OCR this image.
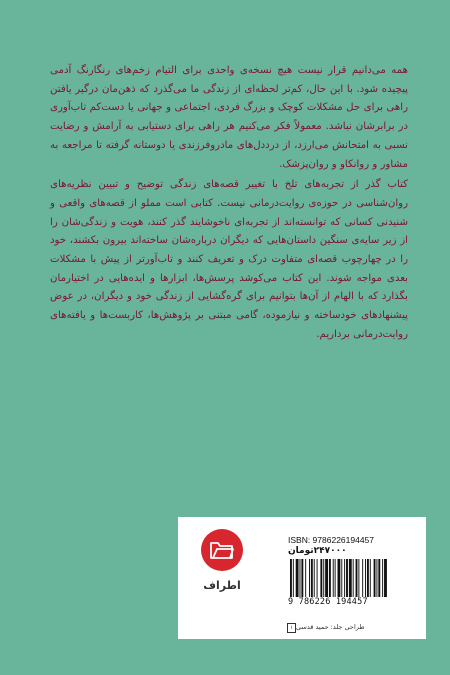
همه می‌دانیم قرار نیست هیچ نسخه‌ی واحدی برای التیام زخم‌های رنگارنگ آدمی پیچیده شود. با این حال، کم‌تر لحظه‌ای از زندگی ما می‌گذرد که ذهن‌مان درگیر یافتن راهی برای حل مشکلات کوچک و بزرگ فردی، اجتماعی و جهانی یا دست‌کم تاب‌آوری در برابرشان نباشد. معمولاً فکر می‌کنیم هر راهی برای دستیابی به آرامش و رضایت نسبی به امتحانش می‌ارزد، از درددل‌های مادرو‌فرزندی یا دوستانه گرفته تا مراجعه به مشاور و روانکاو و روان‌پزشک.

کتاب گذر از تجربه‌های تلخ با تغییر قصه‌های زندگی توضیح و تبیین نظریه‌های روان‌شناسی در حوزه‌ی روایت‌درمانی نیست. کتابی است مملو از قصه‌های واقعی و شنیدنی کسانی که توانسته‌اند از تجربه‌ای ناخوشایند گذر کنند، هویت و زندگی‌شان را از زیر سایه‌ی سنگین داستان‌هایی که دیگران درباره‌شان ساخته‌اند بیرون بکشند، خود را در چهارچوب قصه‌ای متفاوت درک و تعریف کنند و تاب‌آورتر از پیش با مشکلات بعدی مواجه شوند. این کتاب می‌کوشد پرسش‌ها، ابزارها و ایده‌هایی در اختیارمان بگذارد که با الهام از آن‌ها بتوانیم برای گره‌گشایی از زندگی خود و دیگران، در عوض پیشنهادهای خودساخته و نیازموده، گامی مبتنی بر پژوهش‌ها، کاربست‌ها و یافته‌های روایت‌درمانی برداریم.

اطراف
ISBN: 9786226194457
۲۴۷۰۰۰تومان
9 786226 194457
۱ طراحی جلد: حمید قدسی
